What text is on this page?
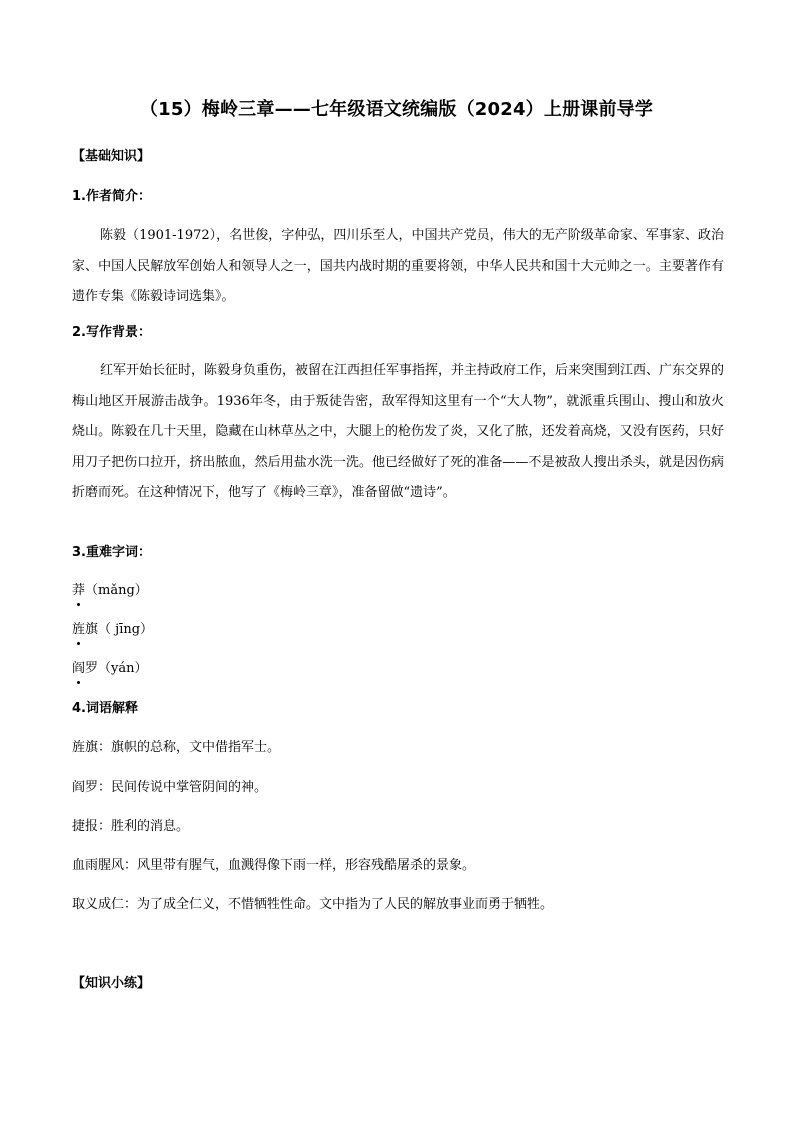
（15）梅岭三章——七年级语文统编版（2024）上册课前导学
【基础知识】
1.作者简介：
陈毅（1901-1972），名世俊，字仲弘，四川乐至人，中国共产党员，伟大的无产阶级革命家、军事家、政治家、中国人民解放军创始人和领导人之一，国共内战时期的重要将领，中华人民共和国十大元帅之一。主要著作有遗作专集《陈毅诗词选集》。
2.写作背景：
红军开始长征时，陈毅身负重伤，被留在江西担任军事指挥，并主持政府工作，后来突围到江西、广东交界的梅山地区开展游击战争。1936年冬，由于叛徒告密，敌军得知这里有一个“大人物”，就派重兵围山、搜山和放火烧山。陈毅在几十天里，隐藏在山林草丛之中，大腿上的枪伤发了炎，又化了脓，还发着高烧，又没有医药，只好用刀子把伤口拉开，挤出脓血，然后用盐水洗一洗。他已经做好了死的准备——不是被敌人搜出杀头，就是因伤病折磨而死。在这种情况下，他写了《梅岭三章》，准备留做“遗诗”。
3.重难字词：
莽（mǎng）
旌旗（ jīng）
阎罗（yán）
4.词语解释
旌旗：旗帜的总称，文中借指军士。
阎罗：民间传说中掌管阴间的神。
捷报：胜利的消息。
血雨腥风：风里带有腥气，血溅得像下雨一样，形容残酷屠杀的景象。
取义成仁：为了成全仁义，不惜牺牲性命。文中指为了人民的解放事业而勇于牺牲。
【知识小练】
